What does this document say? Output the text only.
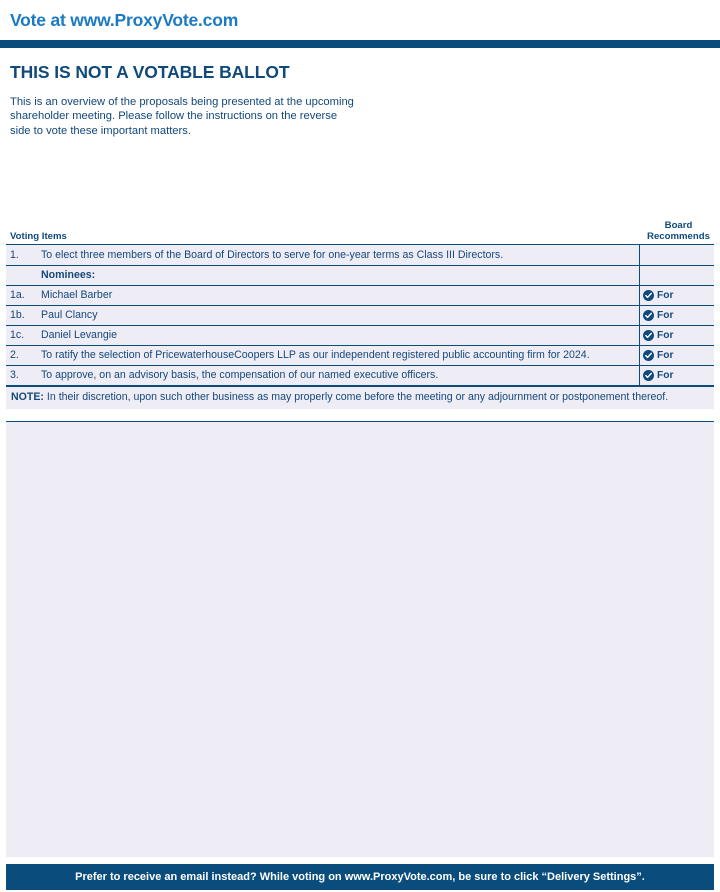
Vote at www.ProxyVote.com
THIS IS NOT A VOTABLE BALLOT
This is an overview of the proposals being presented at the upcoming shareholder meeting. Please follow the instructions on the reverse side to vote these important matters.
Voting Items
Board
Recommends
1.	To elect three members of the Board of Directors to serve for one-year terms as Class III Directors.
Nominees:
1a.	Michael Barber	For
1b.	Paul Clancy	For
1c.	Daniel Levangie	For
2.	To ratify the selection of PricewaterhouseCoopers LLP as our independent registered public accounting firm for 2024.	For
3.	To approve, on an advisory basis, the compensation of our named executive officers.	For
NOTE: In their discretion, upon such other business as may properly come before the meeting or any adjournment or postponement thereof.
Prefer to receive an email instead? While voting on www.ProxyVote.com, be sure to click “Delivery Settings”.
